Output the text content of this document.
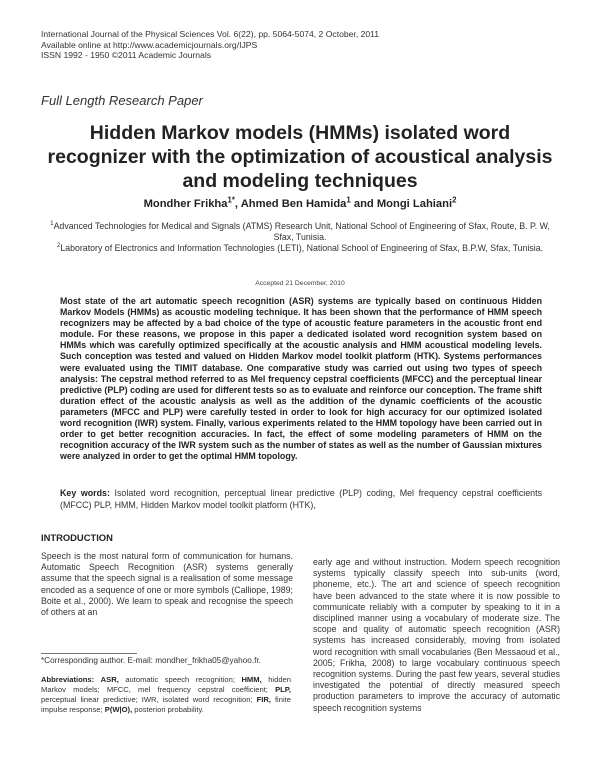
International Journal of the Physical Sciences Vol. 6(22), pp. 5064-5074, 2 October, 2011
Available online at http://www.academicjournals.org/IJPS
ISSN 1992 - 1950 ©2011 Academic Journals
Full Length Research Paper
Hidden Markov models (HMMs) isolated word
recognizer with the optimization of acoustical analysis
and modeling techniques
Mondher Frikha$^{1*}$, Ahmed Ben Hamida$^1$ and Mongi Lahiani$^2$
$^1$Advanced Technologies for Medical and Signals (ATMS) Research Unit, National School of Engineering of Sfax, Route, B. P. W, Sfax, Tunisia.
$^2$Laboratory of Electronics and Information Technologies (LETI), National School of Engineering of Sfax, B.P.W, Sfax, Tunisia.
Accepted 21 December, 2010
Most state of the art automatic speech recognition (ASR) systems are typically based on continuous Hidden Markov Models (HMMs) as acoustic modeling technique. It has been shown that the performance of HMM speech recognizers may be affected by a bad choice of the type of acoustic feature parameters in the acoustic front end module. For these reasons, we propose in this paper a dedicated isolated word recognition system based on HMMs which was carefully optimized specifically at the acoustic analysis and HMM acoustical modeling levels. Such conception was tested and valued on Hidden Markov model toolkit platform (HTK). Systems performances were evaluated using the TIMIT database. One comparative study was carried out using two types of speech analysis: The cepstral method referred to as Mel frequency cepstral coefficients (MFCC) and the perceptual linear predictive (PLP) coding are used for different tests so as to evaluate and reinforce our conception. The frame shift duration effect of the acoustic analysis as well as the addition of the dynamic coefficients of the acoustic parameters (MFCC and PLP) were carefully tested in order to look for high accuracy for our optimized isolated word recognition (IWR) system. Finally, various experiments related to the HMM topology have been carried out in order to get better recognition accuracies. In fact, the effect of some modeling parameters of HMM on the recognition accuracy of the IWR system such as the number of states as well as the number of Gaussian mixtures were analyzed in order to get the optimal HMM topology.
Key words: Isolated word recognition, perceptual linear predictive (PLP) coding, Mel frequency cepstral coefficients (MFCC) PLP, HMM, Hidden Markov model toolkit platform (HTK),
INTRODUCTION
Speech is the most natural form of communication for humans. Automatic Speech Recognition (ASR) systems generally assume that the speech signal is a realisation of some message encoded as a sequence of one or more symbols (Calliope, 1989; Boite et al., 2000). We learn to speak and recognise the speech of others at an
early age and without instruction. Modern speech recognition systems typically classify speech into sub-units (word, phoneme, etc.). The art and science of speech recognition have been advanced to the state where it is now possible to communicate reliably with a computer by speaking to it in a disciplined manner using a vocabulary of moderate size. The scope and quality of automatic speech recognition (ASR) systems has increased considerably, moving from isolated word recognition with small vocabularies (Ben Messaoud et al., 2005; Frikha, 2008) to large vocabulary continuous speech recognition systems. During the past few years, several studies investigated the potential of directly measured speech production parameters to improve the accuracy of automatic speech recognition systems
*Corresponding author. E-mail: mondher_frikha05@yahoo.fr.
Abbreviations: ASR, automatic speech recognition; HMM, hidden Markov models; MFCC, mel frequency cepstral coefficient; PLP, perceptual linear predictive; IWR, isolated word recognition; FIR, finite impulse response; P(W|O), posteriori probability.
